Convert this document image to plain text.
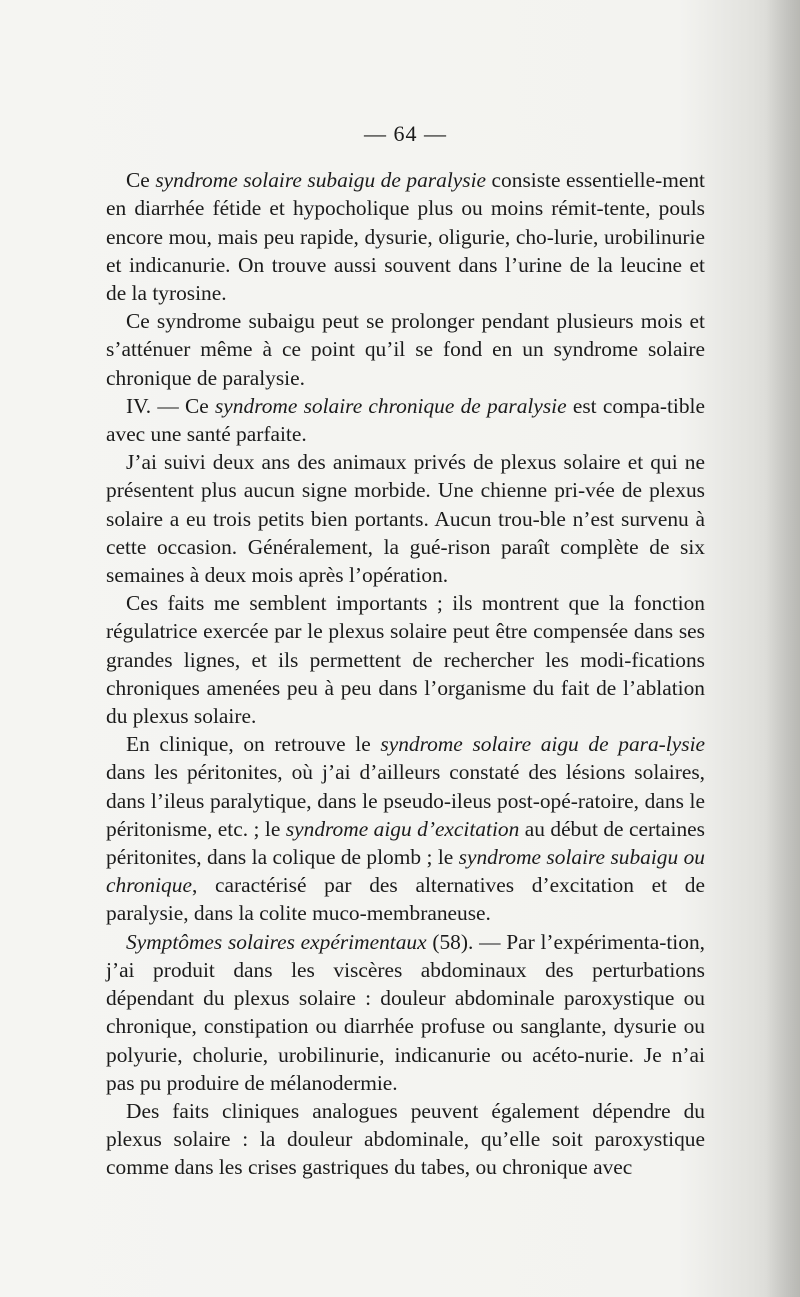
— 64 —

Ce syndrome solaire subaigu de paralysie consiste essentielle-ment en diarrhée fétide et hypocholique plus ou moins rémit-tente, pouls encore mou, mais peu rapide, dysurie, oligurie, cho-lurie, urobilinurie et indicanurie. On trouve aussi souvent dans l’urine de la leucine et de la tyrosine.

Ce syndrome subaigu peut se prolonger pendant plusieurs mois et s’atténuer même à ce point qu’il se fond en un syndrome solaire chronique de paralysie.

IV. — Ce syndrome solaire chronique de paralysie est compa-tible avec une santé parfaite.

J’ai suivi deux ans des animaux privés de plexus solaire et qui ne présentent plus aucun signe morbide. Une chienne pri-vée de plexus solaire a eu trois petits bien portants. Aucun trou-ble n’est survenu à cette occasion. Généralement, la gué-rison paraît complète de six semaines à deux mois après l’opération.

Ces faits me semblent importants ; ils montrent que la fonction régulatrice exercée par le plexus solaire peut être compensée dans ses grandes lignes, et ils permettent de rechercher les modi-fications chroniques amenées peu à peu dans l’organisme du fait de l’ablation du plexus solaire.

En clinique, on retrouve le syndrome solaire aigu de para-lysie dans les péritonites, où j’ai d’ailleurs constaté des lésions solaires, dans l’ileus paralytique, dans le pseudo-ileus post-opé-ratoire, dans le péritonisme, etc. ; le syndrome aigu d’excitation au début de certaines péritonites, dans la colique de plomb ; le syndrome solaire subaigu ou chronique, caractérisé par des alternatives d’excitation et de paralysie, dans la colite muco-membraneuse.

Symptômes solaires expérimentaux (58). — Par l’expérimenta-tion, j’ai produit dans les viscères abdominaux des perturbations dépendant du plexus solaire : douleur abdominale paroxystique ou chronique, constipation ou diarrhée profuse ou sanglante, dysurie ou polyurie, cholurie, urobilinurie, indicanurie ou acéto-nurie. Je n’ai pas pu produire de mélanodermie.

Des faits cliniques analogues peuvent également dépendre du plexus solaire : la douleur abdominale, qu’elle soit paroxystique comme dans les crises gastriques du tabes, ou chronique avec
